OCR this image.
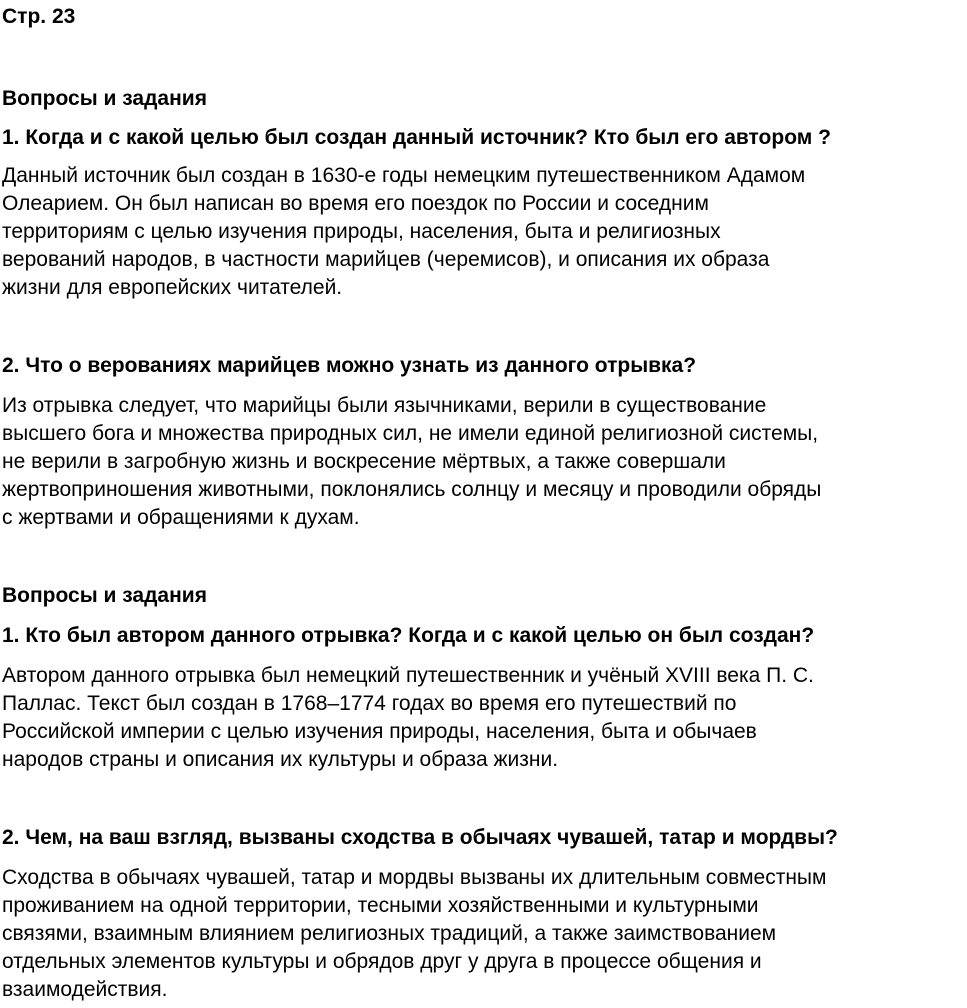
Стр. 23
Вопросы и задания
1. Когда и с какой целью был создан данный источник? Кто был его автором ?
Данный источник был создан в 1630-е годы немецким путешественником Адамом
Олеарием. Он был написан во время его поездок по России и соседним
территориям с целью изучения природы, населения, быта и религиозных
верований народов, в частности марийцев (черемисов), и описания их образа
жизни для европейских читателей.
2. Что о верованиях марийцев можно узнать из данного отрывка?
Из отрывка следует, что марийцы были язычниками, верили в существование
высшего бога и множества природных сил, не имели единой религиозной системы,
не верили в загробную жизнь и воскресение мёртвых, а также совершали
жертвоприношения животными, поклонялись солнцу и месяцу и проводили обряды
с жертвами и обращениями к духам.
Вопросы и задания
1. Кто был автором данного отрывка? Когда и с какой целью он был создан?
Автором данного отрывка был немецкий путешественник и учёный XVIII века П. С.
Паллас. Текст был создан в 1768–1774 годах во время его путешествий по
Российской империи с целью изучения природы, населения, быта и обычаев
народов страны и описания их культуры и образа жизни.
2. Чем, на ваш взгляд, вызваны сходства в обычаях чувашей, татар и мордвы?
Сходства в обычаях чувашей, татар и мордвы вызваны их длительным совместным
проживанием на одной территории, тесными хозяйственными и культурными
связями, взаимным влиянием религиозных традиций, а также заимствованием
отдельных элементов культуры и обрядов друг у друга в процессе общения и
взаимодействия.
